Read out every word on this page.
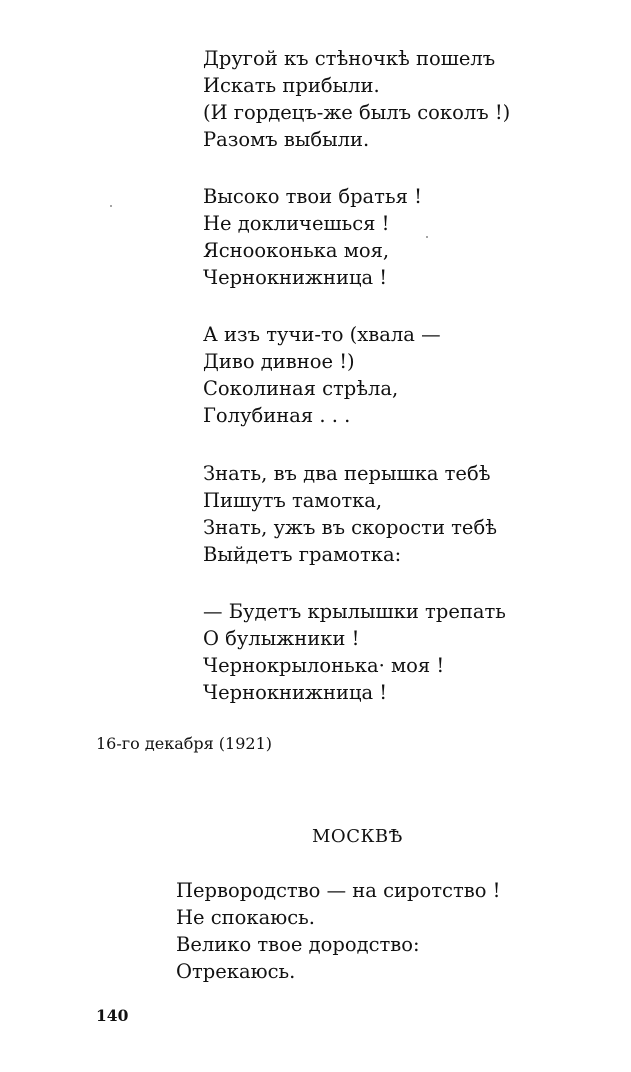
Другой къ стѣночкѣ пошелъ
Искать прибыли.
(И гордецъ-же былъ соколъ !)
Разомъ выбыли.
Высоко твои братья !
Не докличешься !
Яснооконька моя,
Чернокнижница !
А изъ тучи-то (хвала —
Диво дивное !)
Соколиная стрѣла,
Голубиная . . .
Знать, въ два перышка тебѣ
Пишутъ тамотка,
Знать, ужъ въ скорости тебѣ
Выйдетъ грамотка:
— Будетъ крылышки трепать
О булыжники !
Чернокрылонька· моя !
Чернокнижница !
16-го декабря (1921)
МОСКВѢ
Первородство — на сиротство !
Не спокаюсь.
Велико твое дородство:
Отрекаюсь.
140
